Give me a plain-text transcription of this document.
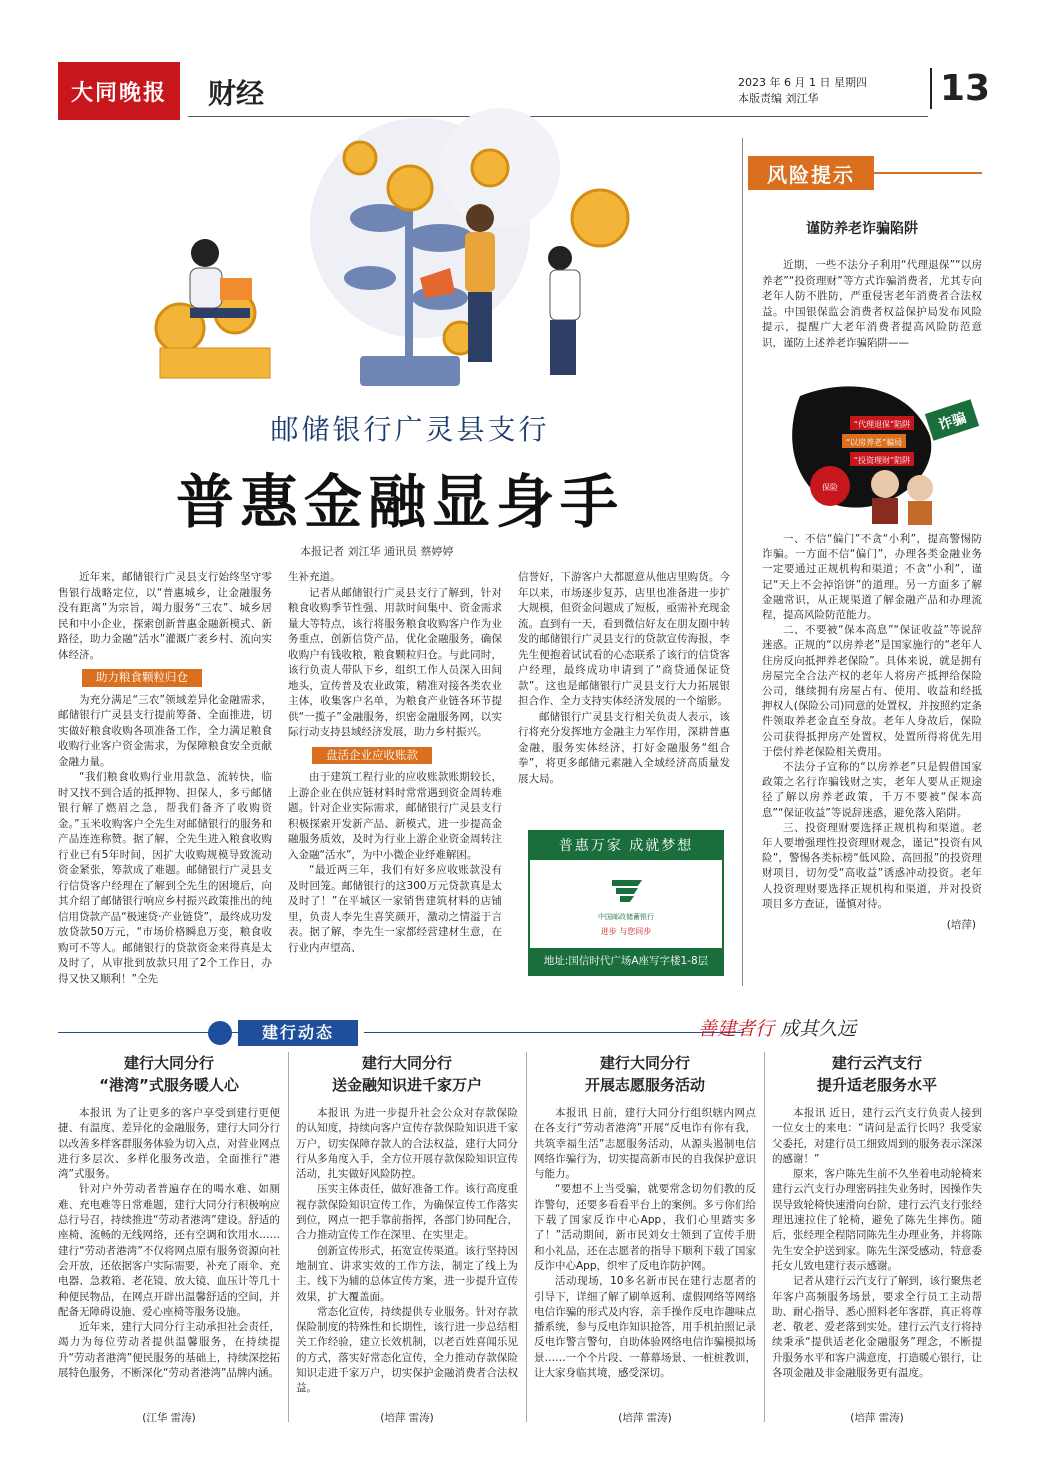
大同晚报	财经	2023 年 6 月 1 日 星期四
本版责编 刘江华	13
邮储银行广灵县支行
普惠金融显身手
本报记者 刘江华 通讯员 蔡婷婷

近年来，邮储银行广灵县支行始终坚守零售银行战略定位，以“普惠城乡，让金融服务没有距离”为宗旨，竭力服务“三农”、城乡居民和中小企业，探索创新普惠金融新模式、新路径，助力金融“活水”灌溉广袤乡村、流向实体经济。

助力粮食颗粒归仓

为充分满足“三农”领域差异化金融需求，邮储银行广灵县支行提前筹备、全面推进，切实做好粮食收购各项准备工作，全力满足粮食收购行业客户资金需求，为保障粮食安全贡献金融力量。

“我们粮食收购行业用款急、流转快，临时又找不到合适的抵押物、担保人，多亏邮储银行解了燃眉之急，帮我们备齐了收购资金。”玉米收购客户仝先生对邮储银行的服务和产品连连称赞。据了解，仝先生进入粮食收购行业已有5年时间，因扩大收购规模导致流动资金紧张，筹款成了难题。邮储银行广灵县支行信贷客户经理在了解到仝先生的困境后，向其介绍了邮储银行响应乡村振兴政策推出的纯信用贷款产品“极速贷·产业链贷”，最终成功发放贷款50万元，“市场价格瞬息万变，粮食收购可不等人。邮储银行的贷款资金来得真是太及时了，从审批到放款只用了2个工作日，办得又快又顺利！”仝先

生补充道。

记者从邮储银行广灵县支行了解到，针对粮食收购季节性强、用款时间集中、资金需求量大等特点，该行将服务粮食收购客户作为业务重点，创新信贷产品，优化金融服务，确保收购户有钱收粮，粮食颗粒归仓。与此同时，该行负责人带队下乡，组织工作人员深入田间地头，宣传普及农业政策，精准对接各类农业主体，收集客户名单，为粮食产业链各环节提供“一揽子”金融服务，织密金融服务网，以实际行动支持县域经济发展，助力乡村振兴。

盘活企业应收账款

由于建筑工程行业的应收账款账期较长，上游企业在供应链材料时常常遇到资金周转难题。针对企业实际需求，邮储银行广灵县支行积极探索开发新产品、新模式，进一步提高金融服务质效，及时为行业上游企业资金周转注入金融“活水”，为中小微企业纾难解困。

“最近两三年，我们有好多应收账款没有及时回笼。邮储银行的这300万元贷款真是太及时了！”在平城区一家销售建筑材料的店铺里，负责人李先生喜笑颜开，激动之情溢于言表。据了解，李先生一家都经营建材生意，在行业内声望高、

信誉好，下游客户大都愿意从他店里购货。今年以来，市场逐步复苏，店里也准备进一步扩大规模，但资金问题成了短板，亟需补充现金流。直到有一天，看到微信好友在朋友圈中转发的邮储银行广灵县支行的贷款宣传海报，李先生便抱着试试看的心态联系了该行的信贷客户经理，最终成功申请到了“商贷通保证贷款”。这也是邮储银行广灵县支行大力拓展银担合作、全力支持实体经济发展的一个缩影。

邮储银行广灵县支行相关负责人表示，该行将充分发挥地方金融主力军作用，深耕普惠金融，服务实体经济，打好金融服务“组合拳”，将更多邮储元素融入全域经济高质量发展大局。

普惠万家 成就梦想
中国邮政储蓄银行
进步 与您同步
地址:国信时代广场A座写字楼1-8层
风险提示
谨防养老诈骗陷阱

近期，一些不法分子利用“代理退保”“以房养老”“投资理财”等方式诈骗消费者，尤其专向老年人防不胜防，严重侵害老年消费者合法权益。中国银保监会消费者权益保护局发布风险提示，提醒广大老年消费者提高风险防范意识，谨防上述养老诈骗陷阱——

“代理退保”陷阱
“以房养老”骗局
“投资理财”陷阱
诈骗
保险

一、不信“偏门”不贪“小利”，提高警惕防诈骗。一方面不信“偏门”，办理各类金融业务一定要通过正规机构和渠道；不贪“小利”，谨记“天上不会掉馅饼”的道理。另一方面多了解金融常识，从正规渠道了解金融产品和办理流程，提高风险防范能力。

二、不要被“保本高息”“保证收益”等说辞迷惑。正规的“以房养老”是国家施行的“老年人住房反向抵押养老保险”。具体来说，就是拥有房屋完全合法产权的老年人将房产抵押给保险公司，继续拥有房屋占有、使用、收益和经抵押权人(保险公司)同意的处置权，并按照约定条件领取养老金直至身故。老年人身故后，保险公司获得抵押房产处置权，处置所得将优先用于偿付养老保险相关费用。

不法分子宣称的“以房养老”只是假借国家政策之名行诈骗钱财之实，老年人要从正规途径了解以房养老政策，千万不要被“保本高息”“保证收益”等说辞迷惑，避免落入陷阱。

三、投资理财要选择正规机构和渠道。老年人要增强理性投资理财观念，谨记“投资有风险”，警惕各类标榜“低风险、高回报”的投资理财项目，切勿受“高收益”诱惑冲动投资。老年人投资理财要选择正规机构和渠道，并对投资项目多方查证，谨慎对待。

(培萍)
建行动态	善建者行 成其久远
建行大同分行
“港湾”式服务暖人心

本报讯 为了让更多的客户享受到建行更便捷、有温度、差异化的金融服务，建行大同分行以改善多样客群服务体验为切入点，对营业网点进行多层次、多样化服务改造，全面推行“港湾”式服务。

针对户外劳动者普遍存在的喝水难、如厕难、充电难等日常难题，建行大同分行积极响应总行号召，持续推进“劳动者港湾”建设。舒适的座椅、流畅的无线网络，还有空调和饮用水……建行“劳动者港湾”不仅将网点原有服务资源向社会开放，还依据客户实际需要，补充了雨伞、充电器、急救箱、老花镜、放大镜、血压计等几十种便民物品，在网点开辟出温馨舒适的空间，并配备无障碍设施、爱心座椅等服务设施。

近年来，建行大同分行主动承担社会责任，竭力为每位劳动者提供温馨服务，在持续提升“劳动者港湾”便民服务的基础上，持续深挖拓展特色服务，不断深化“劳动者港湾”品牌内涵。

(江华 雷涛)
建行大同分行
送金融知识进千家万户

本报讯 为进一步提升社会公众对存款保险的认知度，持续向客户宣传存款保险知识进千家万户，切实保障存款人的合法权益，建行大同分行从多角度入手，全方位开展存款保险知识宣传活动，扎实做好风险防控。

压实主体责任，做好准备工作。该行高度重视存款保险知识宣传工作，为确保宣传工作落实到位，网点一把手靠前指挥，各部门协同配合，合力推动宣传工作在深里、在实里走。

创新宣传形式，拓宽宣传渠道。该行坚持因地制宜、讲求实效的工作方法，制定了线上为主、线下为辅的总体宣传方案，进一步提升宣传效果，扩大覆盖面。

常态化宣传，持续提供专业服务。针对存款保险制度的特殊性和长期性，该行进一步总结相关工作经验，建立长效机制，以老百姓喜闻乐见的方式，落实好常态化宣传，全力推动存款保险知识走进千家万户，切实保护金融消费者合法权益。

(培萍 雷涛)
建行大同分行
开展志愿服务活动

本报讯 日前，建行大同分行组织辖内网点在各支行“劳动者港湾”开展“反电诈有你有我，共筑幸福生活”志愿服务活动，从源头遏制电信网络诈骗行为，切实提高新市民的自我保护意识与能力。

“要想不上当受骗，就要常念切勿们教的反诈警句，还要多看看平台上的案例。多亏你们给下载了国家反诈中心App，我们心里踏实多了！”活动期间，新市民刘女士领到了宣传手册和小礼品，还在志愿者的指导下顺利下载了国家反诈中心App，织牢了反电诈防护网。

活动现场，10多名新市民在建行志愿者的引导下，详细了解了刷单返利、虚假网络等网络电信诈骗的形式及内容，亲手操作反电诈趣味点播系统，参与反电诈知识抢答，用手机拍照记录反电诈警言警句，自助体验网络电信诈骗模拟场景……一个个片段、一幕幕场景、一桩桩教训，让大家身临其境，感受深切。

(培萍 雷涛)
建行云汽支行
提升适老服务水平

本报讯 近日，建行云汽支行负责人接到一位女士的来电：“请问是孟行长吗？我受家父委托，对建行员工细致周到的服务表示深深的感谢！”

原来，客户陈先生前不久坐着电动轮椅来建行云汽支行办理密码挂失业务时，因操作失误导致轮椅快速滑向台阶，建行云汽支行张经理迅速拉住了轮椅，避免了陈先生摔伤。随后，张经理全程陪同陈先生办理业务，并将陈先生安全护送到家。陈先生深受感动，特意委托女儿致电建行表示感谢。

记者从建行云汽支行了解到，该行聚焦老年客户高频服务场景，要求全行员工主动帮助、耐心指导、悉心照料老年客群，真正将尊老、敬老、爱老落到实处。建行云汽支行将持续秉承“提供适老化金融服务”理念，不断提升服务水平和客户满意度，打造暖心银行，让各项金融及非金融服务更有温度。

(培萍 雷涛)
